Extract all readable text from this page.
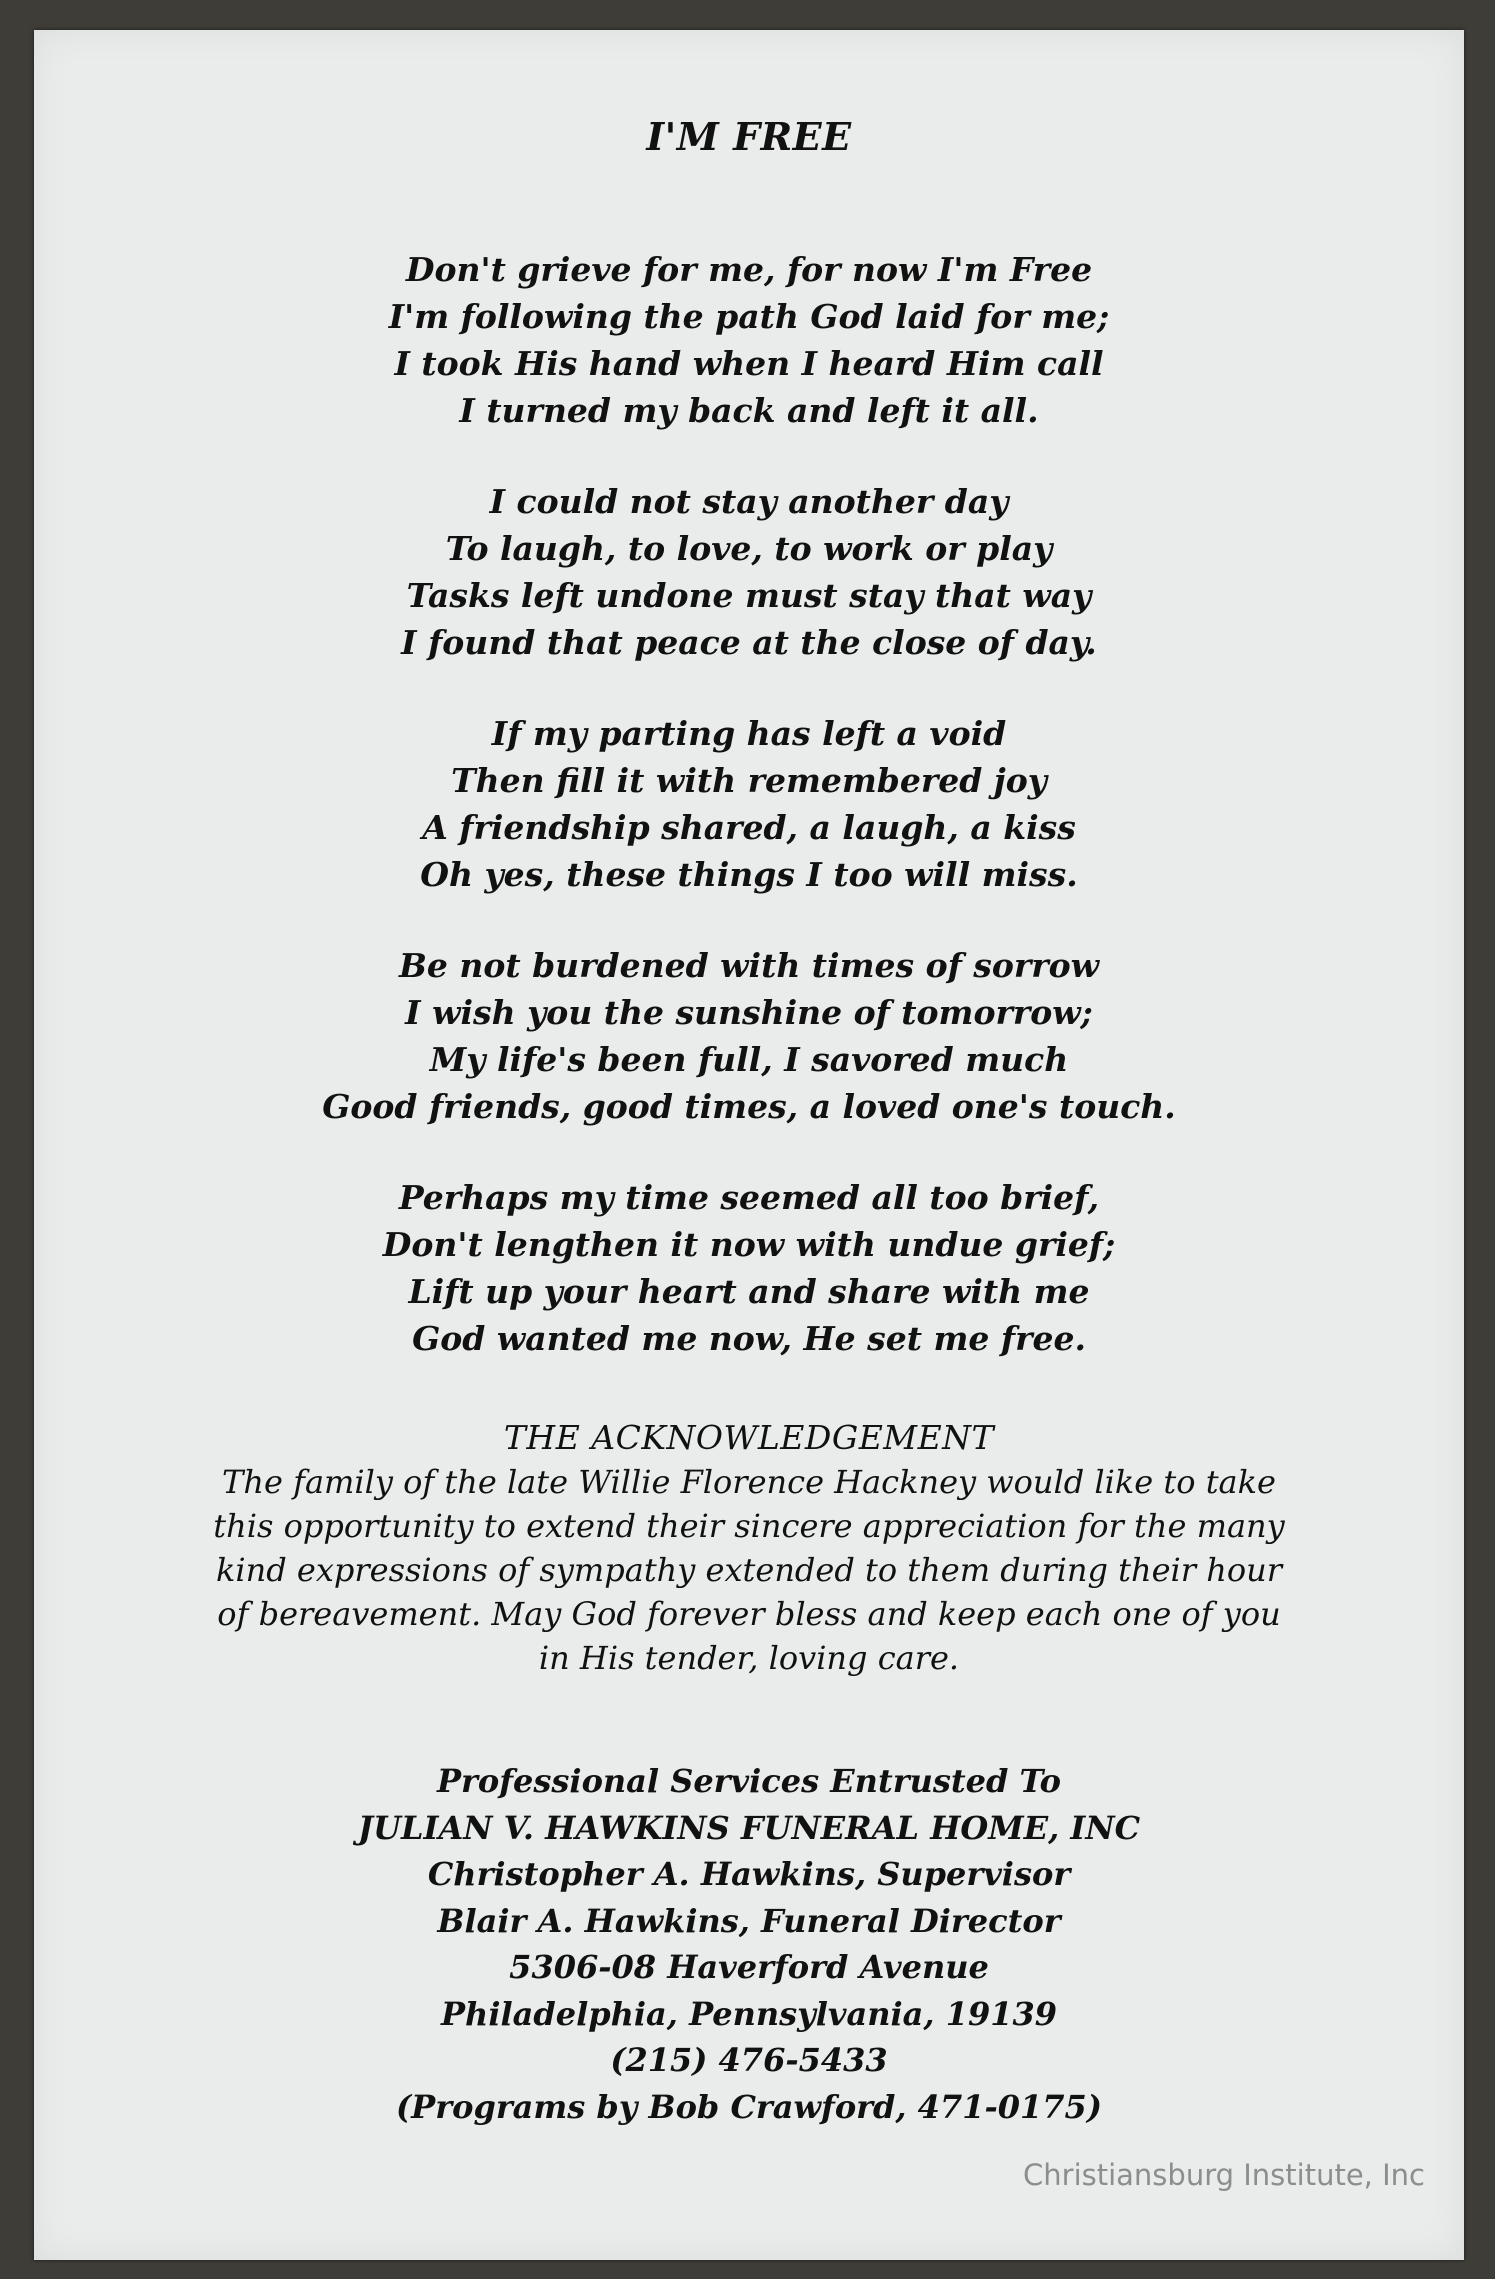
I'M FREE
Don't grieve for me, for now I'm Free
I'm following the path God laid for me;
I took His hand when I heard Him call
I turned my back and left it all.
I could not stay another day
To laugh, to love, to work or play
Tasks left undone must stay that way
I found that peace at the close of day.
If my parting has left a void
Then fill it with remembered joy
A friendship shared, a laugh, a kiss
Oh yes, these things I too will miss.
Be not burdened with times of sorrow
I wish you the sunshine of tomorrow;
My life's been full, I savored much
Good friends, good times, a loved one's touch.
Perhaps my time seemed all too brief,
Don't lengthen it now with undue grief;
Lift up your heart and share with me
God wanted me now, He set me free.
THE ACKNOWLEDGEMENT
The family of the late Willie Florence Hackney would like to take
this opportunity to extend their sincere appreciation for the many
kind expressions of sympathy extended to them during their hour
of bereavement. May God forever bless and keep each one of you
in His tender, loving care.
Professional Services Entrusted To
JULIAN V. HAWKINS FUNERAL HOME, INC
Christopher A. Hawkins, Supervisor
Blair A. Hawkins, Funeral Director
5306-08 Haverford Avenue
Philadelphia, Pennsylvania, 19139
(215) 476-5433
(Programs by Bob Crawford, 471-0175)
Christiansburg Institute, Inc
